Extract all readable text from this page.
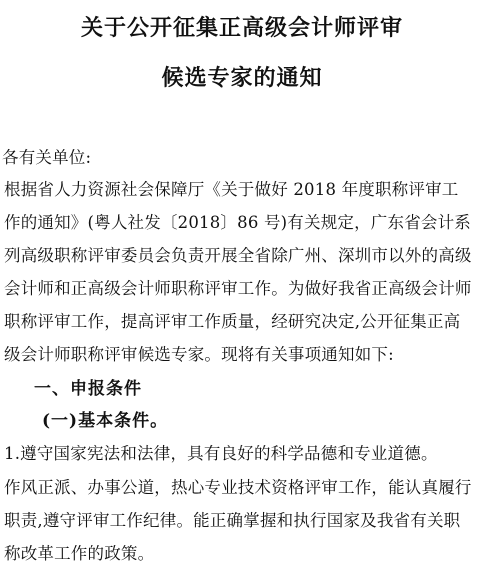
关于公开征集正高级会计师评审
候选专家的通知
各有关单位:
根据省人力资源社会保障厅《关于做好 2018 年度职称评审工
作的通知》(粤人社发〔2018〕86 号)有关规定，广东省会计系
列高级职称评审委员会负责开展全省除广州、深圳市以外的高级
会计师和正高级会计师职称评审工作。为做好我省正高级会计师
职称评审工作，提高评审工作质量，经研究决定,公开征集正高
级会计师职称评审候选专家。现将有关事项通知如下:
一、申报条件
(一)基本条件。
1.遵守国家宪法和法律，具有良好的科学品德和专业道德。
作风正派、办事公道，热心专业技术资格评审工作，能认真履行
职责,遵守评审工作纪律。能正确掌握和执行国家及我省有关职
称改革工作的政策。
